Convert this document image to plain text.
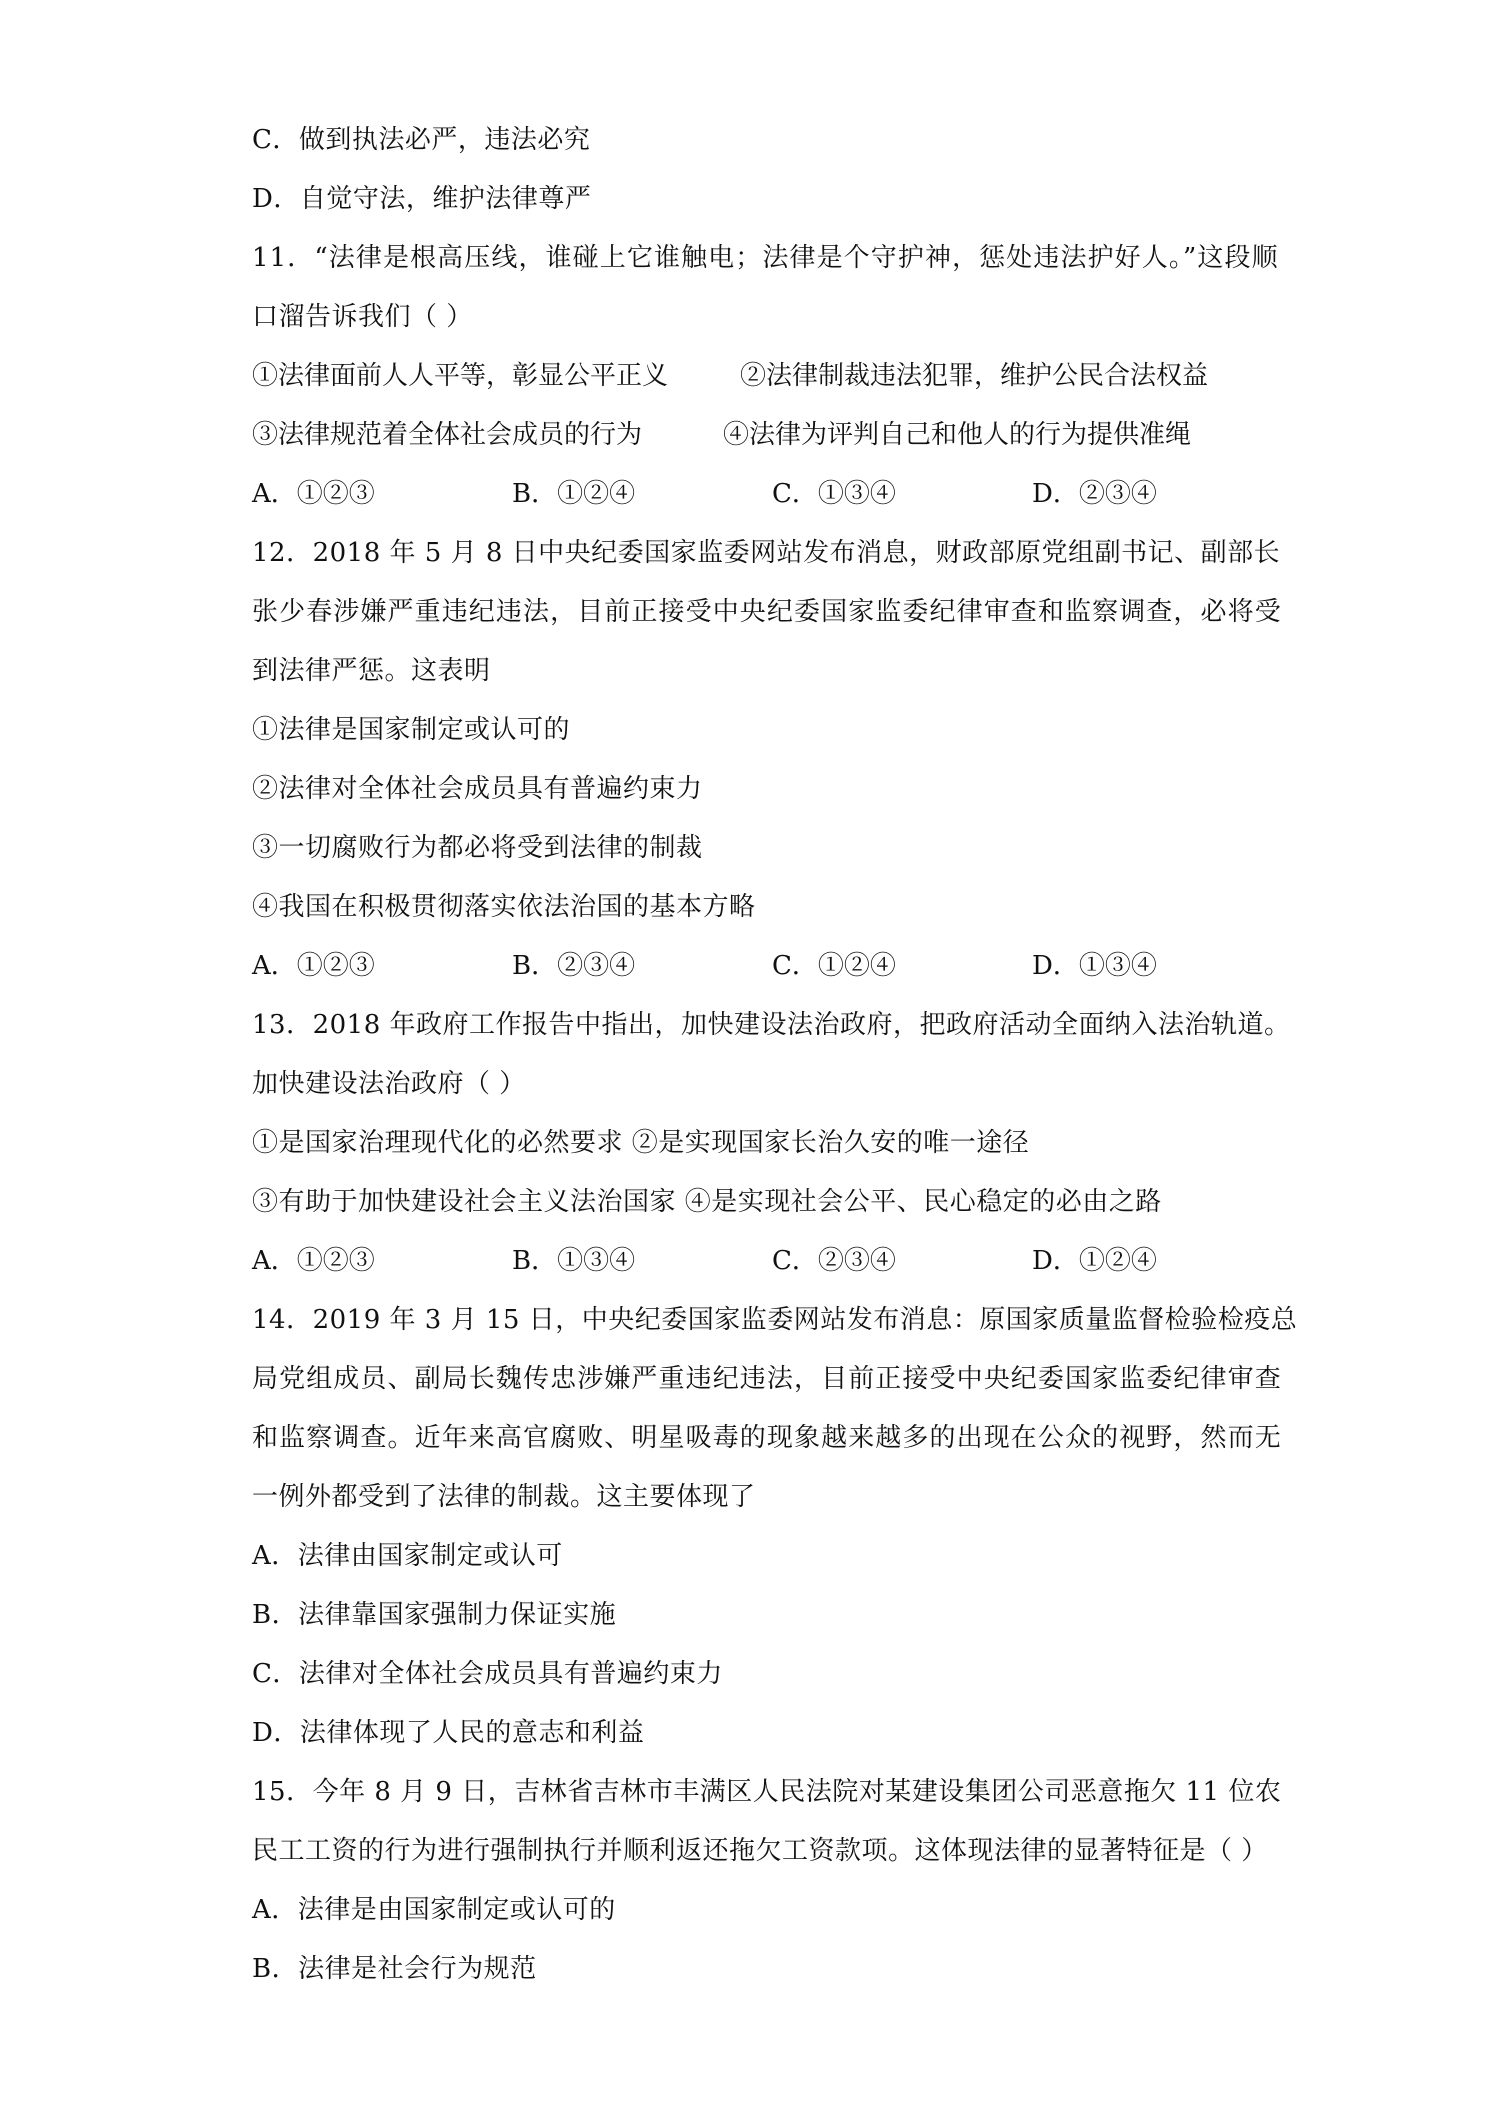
C．做到执法必严，违法必究
D．自觉守法，维护法律尊严
11．“法律是根高压线，谁碰上它谁触电；法律是个守护神，惩处违法护好人。”这段顺
口溜告诉我们（ ）
①法律面前人人平等，彰显公平正义	②法律制裁违法犯罪，维护公民合法权益
③法律规范着全体社会成员的行为	④法律为评判自己和他人的行为提供准绳
A．①②③	B．①②④	C．①③④	D．②③④
12．2018 年 5 月 8 日中央纪委国家监委网站发布消息，财政部原党组副书记、副部长
张少春涉嫌严重违纪违法，目前正接受中央纪委国家监委纪律审查和监察调查，必将受
到法律严惩。这表明
①法律是国家制定或认可的
②法律对全体社会成员具有普遍约束力
③一切腐败行为都必将受到法律的制裁
④我国在积极贯彻落实依法治国的基本方略
A．①②③	B．②③④	C．①②④	D．①③④
13．2018 年政府工作报告中指出，加快建设法治政府，把政府活动全面纳入法治轨道。
加快建设法治政府（ ）
①是国家治理现代化的必然要求 ②是实现国家长治久安的唯一途径
③有助于加快建设社会主义法治国家 ④是实现社会公平、民心稳定的必由之路
A．①②③	B．①③④	C．②③④	D．①②④
14．2019 年 3 月 15 日，中央纪委国家监委网站发布消息：原国家质量监督检验检疫总
局党组成员、副局长魏传忠涉嫌严重违纪违法，目前正接受中央纪委国家监委纪律审查
和监察调查。近年来高官腐败、明星吸毒的现象越来越多的出现在公众的视野，然而无
一例外都受到了法律的制裁。这主要体现了
A．法律由国家制定或认可
B．法律靠国家强制力保证实施
C．法律对全体社会成员具有普遍约束力
D．法律体现了人民的意志和利益
15．今年 8 月 9 日，吉林省吉林市丰满区人民法院对某建设集团公司恶意拖欠 11 位农
民工工资的行为进行强制执行并顺利返还拖欠工资款项。这体现法律的显著特征是（ ）
A．法律是由国家制定或认可的
B．法律是社会行为规范
